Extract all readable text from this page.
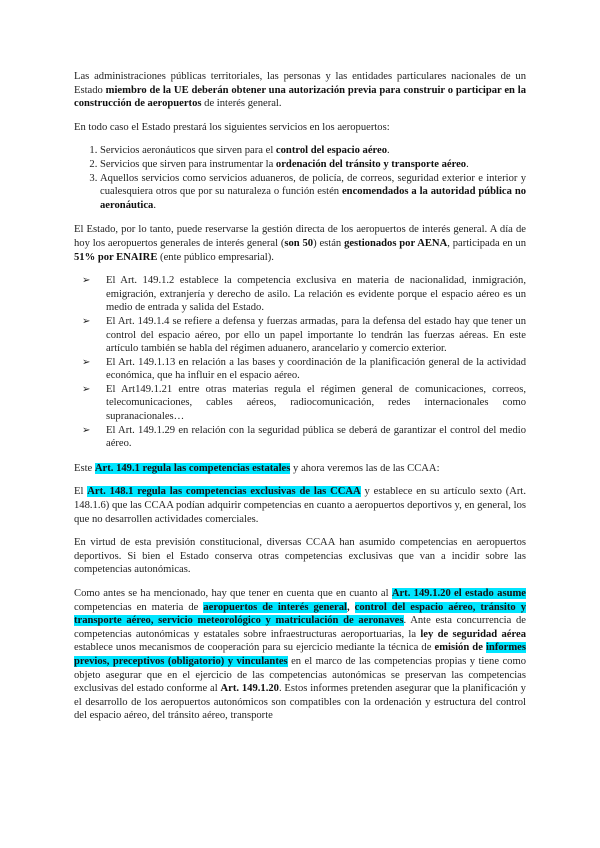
Las administraciones públicas territoriales, las personas y las entidades particulares nacionales de un Estado miembro de la UE deberán obtener una autorización previa para construir o participar en la construcción de aeropuertos de interés general.

En todo caso el Estado prestará los siguientes servicios en los aeropuertos:

1. Servicios aeronáuticos que sirven para el control del espacio aéreo.
2. Servicios que sirven para instrumentar la ordenación del tránsito y transporte aéreo.
3. Aquellos servicios como servicios aduaneros, de policía, de correos, seguridad exterior e interior y cualesquiera otros que por su naturaleza o función estén encomendados a la autoridad pública no aeronáutica.

El Estado, por lo tanto, puede reservarse la gestión directa de los aeropuertos de interés general. A día de hoy los aeropuertos generales de interés general (son 50) están gestionados por AENA, participada en un 51% por ENAIRE (ente público empresarial).

➢ El Art. 149.1.2 establece la competencia exclusiva en materia de nacionalidad, inmigración, emigración, extranjería y derecho de asilo. La relación es evidente porque el espacio aéreo es un medio de entrada y salida del Estado.
➢ El Art. 149.1.4 se refiere a defensa y fuerzas armadas, para la defensa del estado hay que tener un control del espacio aéreo, por ello un papel importante lo tendrán las fuerzas aéreas. En este artículo también se habla del régimen aduanero, arancelario y comercio exterior.
➢ El Art. 149.1.13 en relación a las bases y coordinación de la planificación general de la actividad económica, que ha influir en el espacio aéreo.
➢ El Art149.1.21 entre otras materias regula el régimen general de comunicaciones, correos, telecomunicaciones, cables aéreos, radiocomunicación, redes internacionales como supranacionales…
➢ El Art. 149.1.29 en relación con la seguridad pública se deberá de garantizar el control del medio aéreo.

Este Art. 149.1 regula las competencias estatales y ahora veremos las de las CCAA:

El Art. 148.1 regula las competencias exclusivas de las CCAA y establece en su artículo sexto (Art. 148.1.6) que las CCAA podían adquirir competencias en cuanto a aeropuertos deportivos y, en general, los que no desarrollen actividades comerciales.

En virtud de esta previsión constitucional, diversas CCAA han asumido competencias en aeropuertos deportivos. Si bien el Estado conserva otras competencias exclusivas que van a incidir sobre las competencias autonómicas.

Como antes se ha mencionado, hay que tener en cuenta que en cuanto al Art. 149.1.20 el estado asume competencias en materia de aeropuertos de interés general, control del espacio aéreo, tránsito y transporte aéreo, servicio meteorológico y matriculación de aeronaves. Ante esta concurrencia de competencias autonómicas y estatales sobre infraestructuras aeroportuarias, la ley de seguridad aérea establece unos mecanismos de cooperación para su ejercicio mediante la técnica de emisión de informes previos, preceptivos (obligatorio) y vinculantes en el marco de las competencias propias y tiene como objeto asegurar que en el ejercicio de las competencias autonómicas se preservan las competencias exclusivas del estado conforme al Art. 149.1.20. Estos informes pretenden asegurar que la planificación y el desarrollo de los aeropuertos autonómicos son compatibles con la ordenación y estructura del control del espacio aéreo, del tránsito aéreo, transporte
